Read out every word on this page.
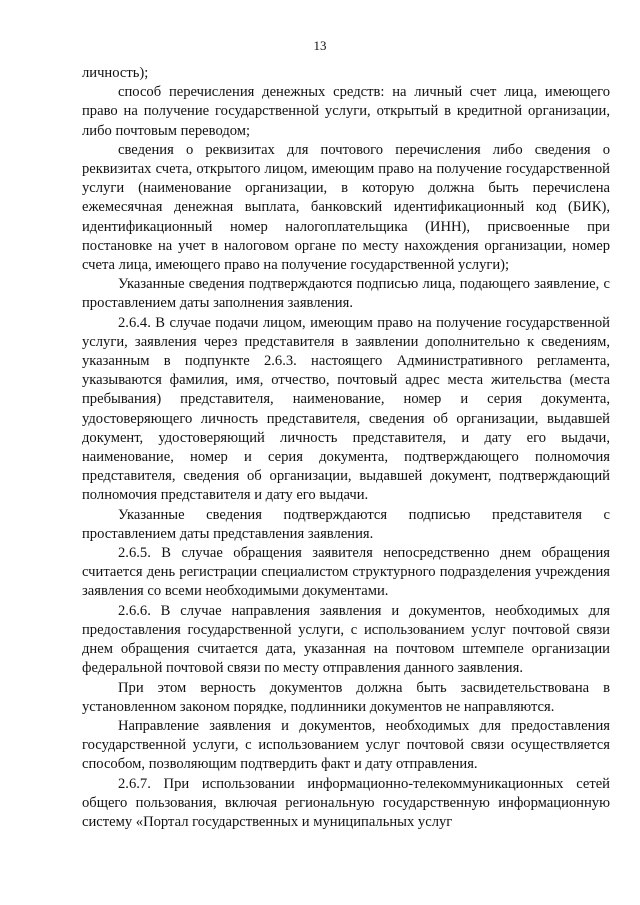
13

личность);

способ перечисления денежных средств: на личный счет лица, имеющего право на получение государственной услуги, открытый в кредитной организации, либо почтовым переводом;

сведения о реквизитах для почтового перечисления либо сведения о реквизитах счета, открытого лицом, имеющим право на получение государственной услуги (наименование организации, в которую должна быть перечислена ежемесячная денежная выплата, банковский идентификационный код (БИК), идентификационный номер налогоплательщика (ИНН), присвоенные при постановке на учет в налоговом органе по месту нахождения организации, номер счета лица, имеющего право на получение государственной услуги);

Указанные сведения подтверждаются подписью лица, подающего заявление, с проставлением даты заполнения заявления.

2.6.4. В случае подачи лицом, имеющим право на получение государственной услуги, заявления через представителя в заявлении дополнительно к сведениям, указанным в подпункте 2.6.3. настоящего Административного регламента, указываются фамилия, имя, отчество, почтовый адрес места жительства (места пребывания) представителя, наименование, номер и серия документа, удостоверяющего личность представителя, сведения об организации, выдавшей документ, удостоверяющий личность представителя, и дату его выдачи, наименование, номер и серия документа, подтверждающего полномочия представителя, сведения об организации, выдавшей документ, подтверждающий полномочия представителя и дату его выдачи.

Указанные сведения подтверждаются подписью представителя с проставлением даты представления заявления.

2.6.5. В случае обращения заявителя непосредственно днем обращения считается день регистрации специалистом структурного подразделения учреждения заявления со всеми необходимыми документами.

2.6.6. В случае направления заявления и документов, необходимых для предоставления государственной услуги, с использованием услуг почтовой связи днем обращения считается дата, указанная на почтовом штемпеле организации федеральной почтовой связи по месту отправления данного заявления.

При этом верность документов должна быть засвидетельствована в установленном законом порядке, подлинники документов не направляются.

Направление заявления и документов, необходимых для предоставления государственной услуги, с использованием услуг почтовой связи осуществляется способом, позволяющим подтвердить факт и дату отправления.

2.6.7. При использовании информационно-телекоммуникационных сетей общего пользования, включая региональную государственную информационную систему «Портал государственных и муниципальных услуг
